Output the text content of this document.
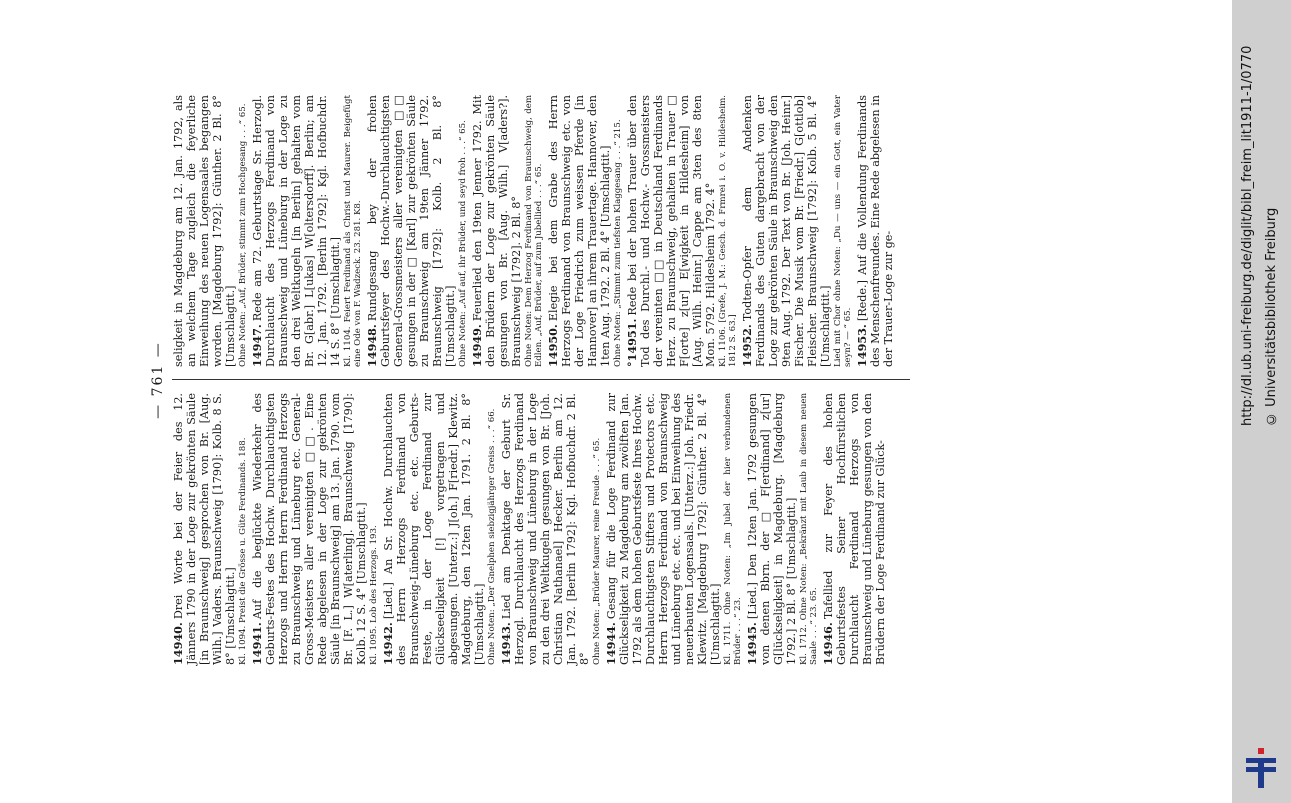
— 761 —
14940.Drei Worte bei der Feier des 12. Jänners 1790 in der Loge zur gekrönten Säule [in Braunschweig] gesprochen von Br. [Aug. Wilh.] Vaders. Braunschweig [1790]: Kolb. 8 S. 8° [Umschlagtit.] Kl. 1094. Preist die Grösse u. Güte Ferdinands. 188. 14941.Auf die beglückte Wiederkehr des Geburts-Festes des Hochw. Durchlauchtigsten Herzogs und Herrn Herrn Ferdinand Herzogs zu Braunschweig und Lüneburg etc. General-Gross-Meisters aller vereinigten □□. Eine Rede abgelesen in der Loge zur gekrönten Säule [in Braunschweig] am 13. Jan. 1790. vom Br. [F. L.] W[aterling]. Braunschweig [1790]: Kolb. 12 S. 4° [Umschlagtit.] Kl. 1095. Lob des Herzogs. 193. 14942.[Lied.] An Sr. Hochw. Durchlauchten des Herrn Herzogs Ferdinand von Braunschweig-Lüneburg etc. etc. Geburts-Feste, in der Loge Ferdinand zur Glückseeligkeit [!] vorgetragen und abgesungen. [Unterz.:] J[oh.] F[riedr.] Klewitz. Magdeburg, den 12ten Jan. 1791. 2 Bl. 8° [Umschlagtit.] Ohne Noten: „Der Gnelphen siebzigjährger Greiss . . .“ 66. 14943.Lied am Denktage der Geburt Sr. Herzogl. Durchlaucht des Herzogs Ferdinand von Braunschweig und Lüneburg in der Loge zu den drei Weltkugeln gesungen von Br. [Joh. Christian Nathanael] Hecker. Berlin am 12. Jan. 1792. [Berlin 1792]: Kgl. Hofbuchdr. 2 Bl. 8° Ohne Noten: „Brüder Maurer, reine Freude . . .“ 65. 14944.Gesang für die Loge Ferdinand zur Glückseligkeit zu Magdeburg am zwölften Jan. 1792 als dem hohen Geburtsfeste Ihres Hochw. Durchlauchtigsten Stifters und Protectors etc. Herrn Herzogs Ferdinand von Braunschweig und Lüneburg etc. etc. und bei Einweihung des neuerbauten Logensaals. [Unterz.:] Joh. Friedr. Klewitz. [Magdeburg 1792]: Günther. 2 Bl. 4° [Umschlagtit.] Kl. 1711. Ohne Noten: „Im Jubel der hier verbundenen Brüder . . .“ 23. 14945.[Lied.] Den 12ten Jan. 1792 gesungen von denen Bbrn. der □ F[erdinand] z[ur] G[lückseligkeit] in Magdeburg. [Magdeburg 1792.] 2 Bl. 8° [Umschlagtit.] Kl. 1712. Ohne Noten: „Bekränzt mit Laub in diesem neuen Saale . . .“ 23. 65. 14946.Tafellied zur Feyer des hohen Geburtsfestes Seiner Hochfürstlichen Durchlaucht Ferdinand Herzogs von Braunschweig und Lüneburg gesungen von den Brüdern der Loge Ferdinand zur Glück-
seligkeit in Magdeburg am 12. Jan. 1792, als an welchem Tage zugleich die feyerliche Einweihung des neuen Logensaales begangen worden. [Magdeburg 1792]: Günther. 2 Bl. 8° [Umschlagtit.] Ohne Noten: „Auf, Brüder, stimmt zum Hochgesang . . .“ 65. 14947.Rede am 72. Geburtstage Sr. Herzogl. Durchlaucht des Herzogs Ferdinand von Braunschweig und Lüneburg in der Loge zu den drei Weltkugeln [in Berlin] gehalten vom Br. G[abr.] L[ukas] W[oltersdorff]. Berlin; am 12. Jan. 1792. [Berlin 1792]: Kgl. Hofbuchdr. 14 S. 8° [Umschlagtit.] Kl. 1104. Feiert Ferdinand als Christ und Maurer. Beigefügt eine Ode von F. Wadzeck. 23. 281. K8. 14948.Rundgesang bey der frohen Geburtsfeyer des Hochw.-Durchlauchtigsten General-Grossmeisters aller vereinigten □□ gesungen in der □ [Karl] zur gekrönten Säule zu Braunschweig am 19ten Jänner 1792. Braunschweig [1792]: Kolb. 2 Bl. 8° [Umschlagtit.] Ohne Noten: „Auf auf, ihr Brüder, und seyd froh . . .“ 65. 14949.Feuerlied den 19ten Jenner 1792. Mit den Brüdern der Loge zur gekrönten Säule gesungen von Br. [Aug. Wilh.] V[aders?]. Braunschweig [1792]. 2 Bl. 8° Ohne Noten: Dem Herzog Ferdinand von Braunschweig, dem Edlen. „Auf, Brüder, auf zum Jubellied . . .“ 65. 14950.Elegie bei dem Grabe des Herrn Herzogs Ferdinand von Braunschweig etc. von der Loge Friedrich zum weissen Pferde [in Hannover] an ihrem Trauertage. Hannover, den 1ten Aug. 1792. 2 Bl. 4° [Umschlagtit.] Ohne Noten: „Stimmt zum tiefsten Klaggesang . . .“ 215. °14951.Rede bei der hohen Trauer über den Tod des Durchl.- und Hochw.- Grossmeisters der vereinten □□ in Deutschland Ferdinands Herz. zu Braunschweig, gehalten in Trauer □ F[orte] z[ur] E[wigkeit in Hildesheim] von [Aug. Wilh. Heinr.] Cappe am 3ten des 8ten Mon. 5792. Hildesheim 1792. 4° Kl. 1106. [Grefe, J. M.: Gesch. d. Frmrei i. O. v. Hildesheim. 1812 S. 63.] 14952.Todten-Opfer dem Andenken Ferdinands des Guten dargebracht von der Loge zur gekrönten Säule in Braunschweig den 9ten Aug. 1792. Der Text von Br. [Joh. Heinr.] Fischer. Die Musik vom Br. [Friedr.] G[ottlob] Fleischer. Braunschweig [1792]: Kolb. 5 Bl. 4° [Umschlagtit.] Lied mit Chor ohne Noten: „Du — uns — ein Gott, ein Vater seyn? — “ 65. 14953.[Rede.] Auf die Vollendung Ferdinands des Menschenfreundes. Eine Rede abgelesen in der Trauer-Loge zur ge-	http://dl.ub.uni-freiburg.de/diglit/bibl_freim_lit1911-1/0770 © Universitätsbibliothek Freiburg
